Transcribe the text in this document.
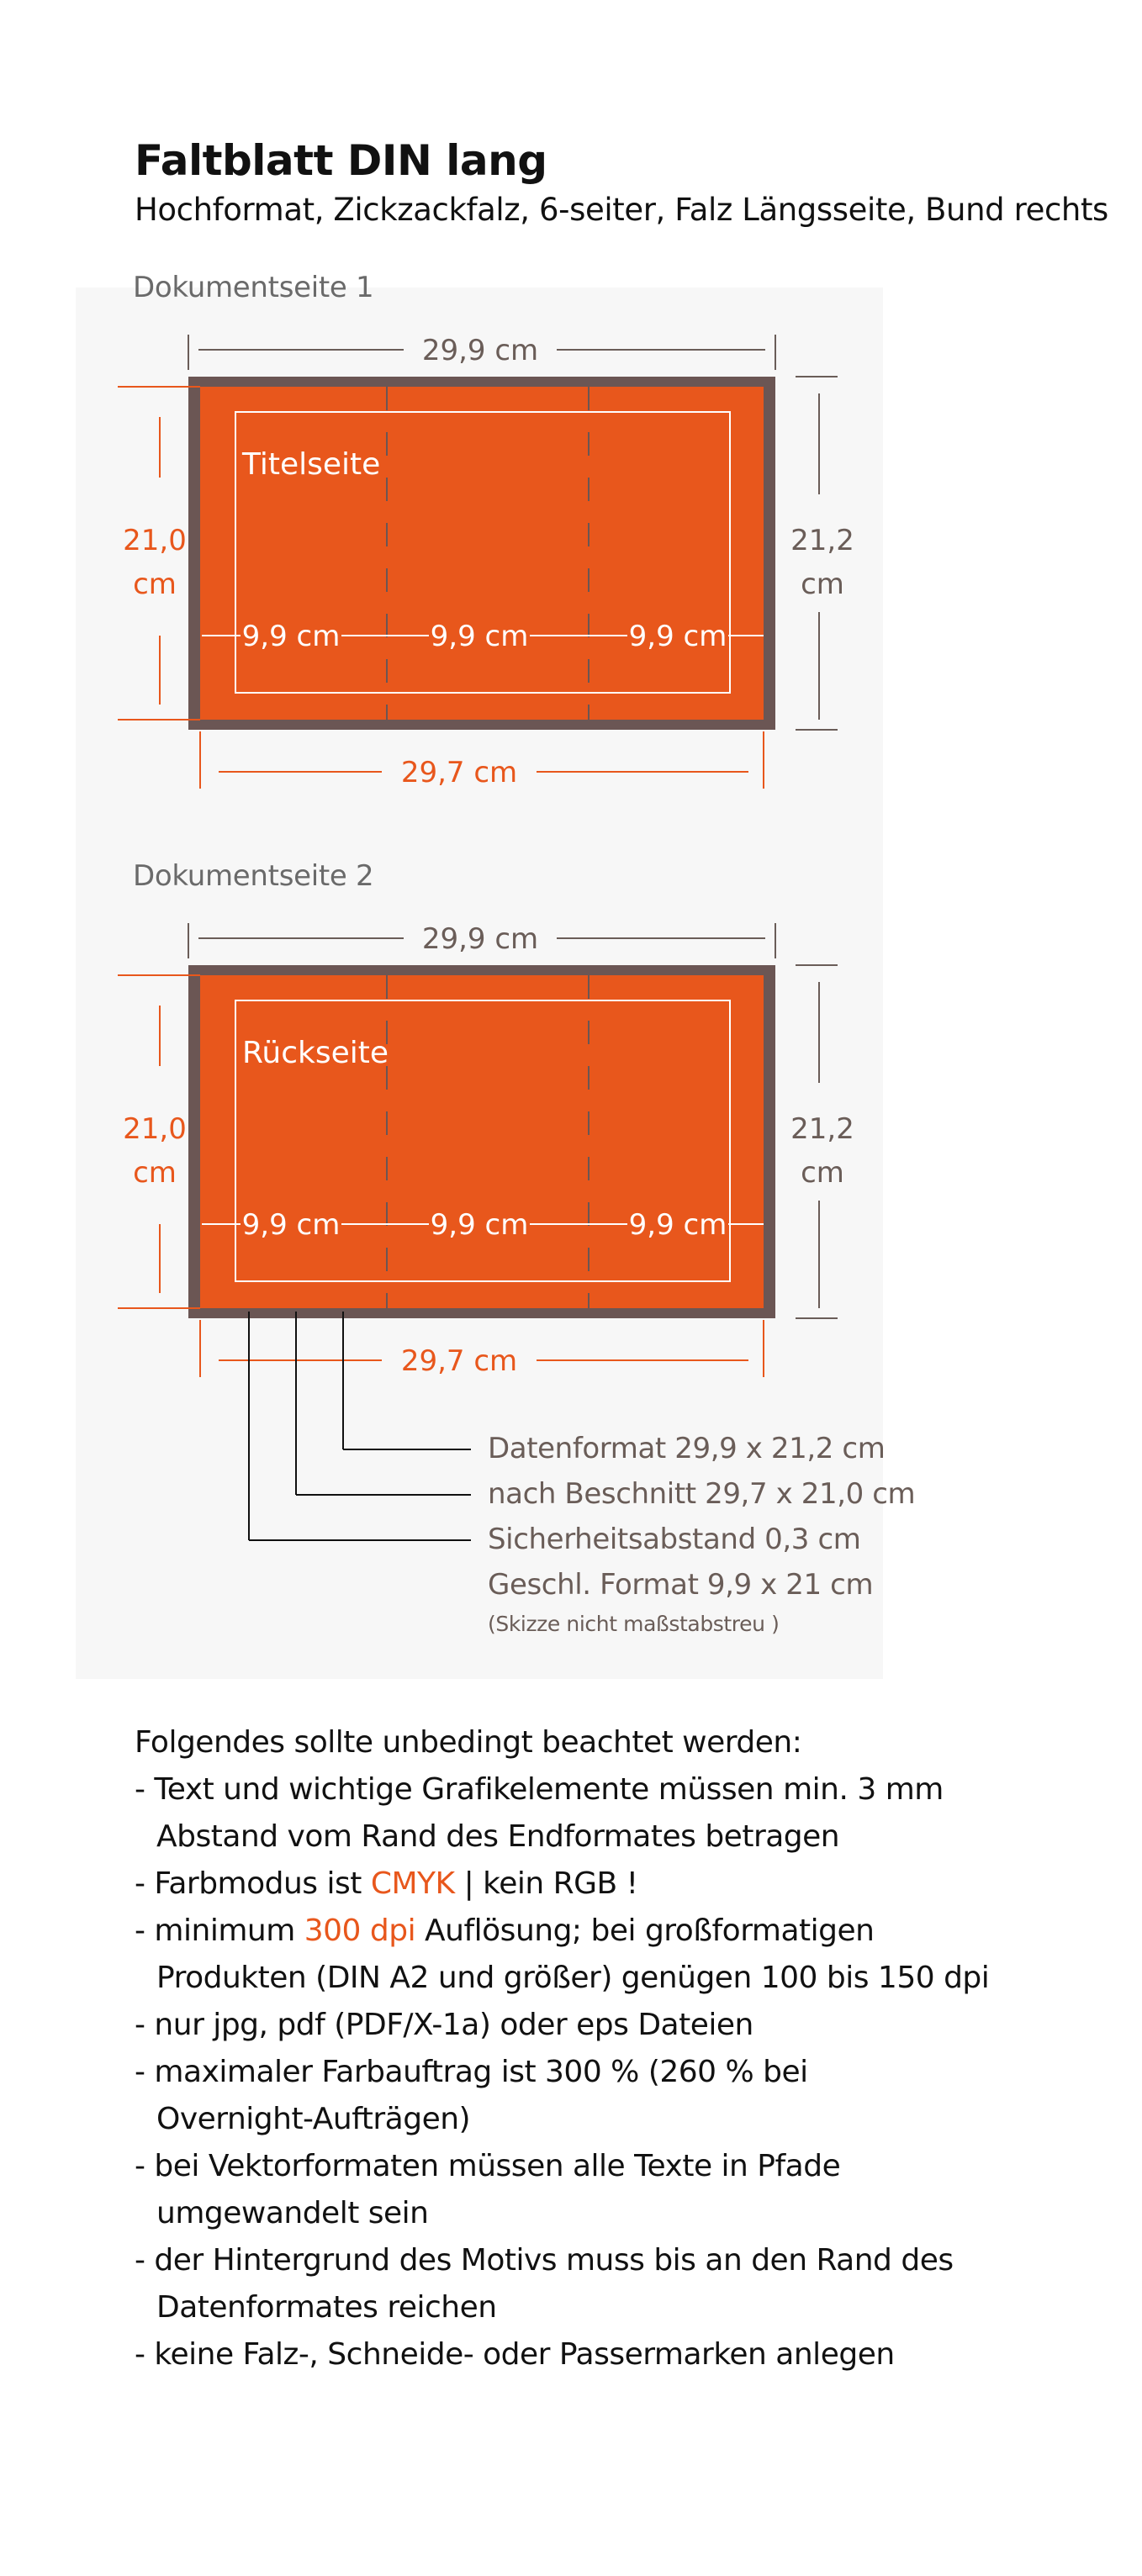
Faltblatt DIN lang
Hochformat, Zickzackfalz, 6-seiter, Falz Längsseite, Bund rechts
Dokumentseite 1
29,9 cm
9,9 cm	9,9 cm	9,9 cm
Titelseite
21,0
cm
21,2
cm
29,7 cm
Dokumentseite 2
29,9 cm
9,9 cm	9,9 cm	9,9 cm
Rückseite
21,0
cm
21,2
cm
29,7 cm
Datenformat 29,9 x 21,2 cm
nach Beschnitt 29,7 x 21,0 cm
Sicherheitsabstand 0,3 cm
Geschl. Format 9,9 x 21 cm
(Skizze nicht maßstabstreu )
Folgendes sollte unbedingt beachtet werden:
- Text und wichtige Grafikelemente müssen min. 3 mm
Abstand vom Rand des Endformates betragen
- Farbmodus ist CMYK | kein RGB !
- minimum 300 dpi Auflösung; bei großformatigen
Produkten (DIN A2 und größer) genügen 100 bis 150 dpi
- nur jpg, pdf (PDF/X-1a) oder eps Dateien
- maximaler Farbauftrag ist 300 % (260 % bei
Overnight-Aufträgen)
- bei Vektorformaten müssen alle Texte in Pfade
umgewandelt sein
- der Hintergrund des Motivs muss bis an den Rand des
Datenformates reichen
- keine Falz-, Schneide- oder Passermarken anlegen
